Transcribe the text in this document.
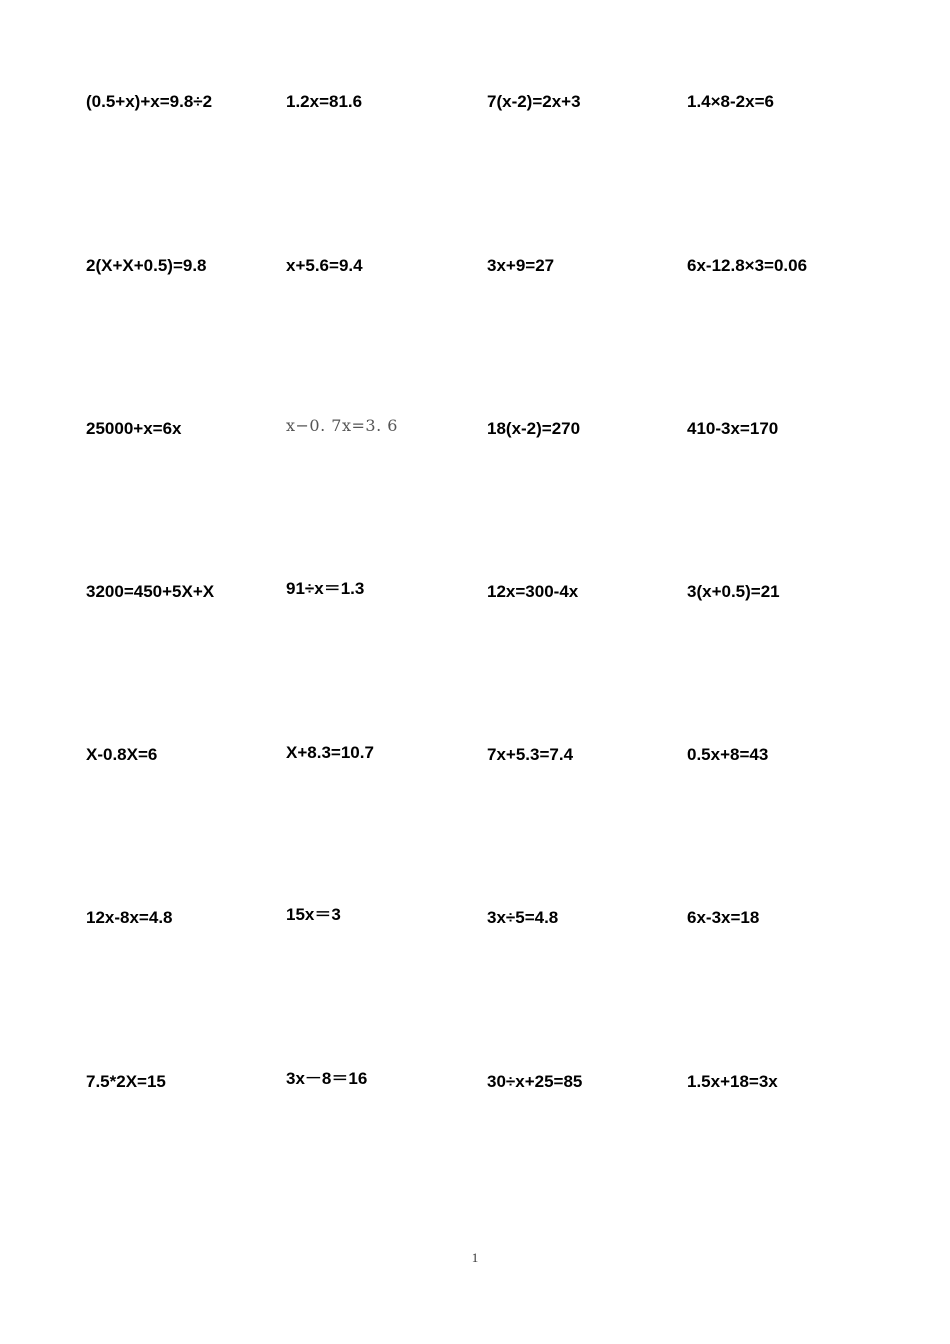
(0.5+x)+x=9.8÷2	1.2x=81.6	7(x-2)=2x+3	1.4×8-2x=6
2(X+X+0.5)=9.8	x+5.6=9.4	3x+9=27	6x-12.8×3=0.06
25000+x=6x	x−0. 7x=3. 6	18(x-2)=270	410-3x=170
3200=450+5X+X	91÷x＝1.3	12x=300-4x	3(x+0.5)=21
X-0.8X=6	X+8.3=10.7	7x+5.3=7.4	0.5x+8=43
12x-8x=4.8	15x＝3	3x÷5=4.8	6x-3x=18
7.5*2X=15	3x－8＝16	30÷x+25=85	1.5x+18=3x
1
